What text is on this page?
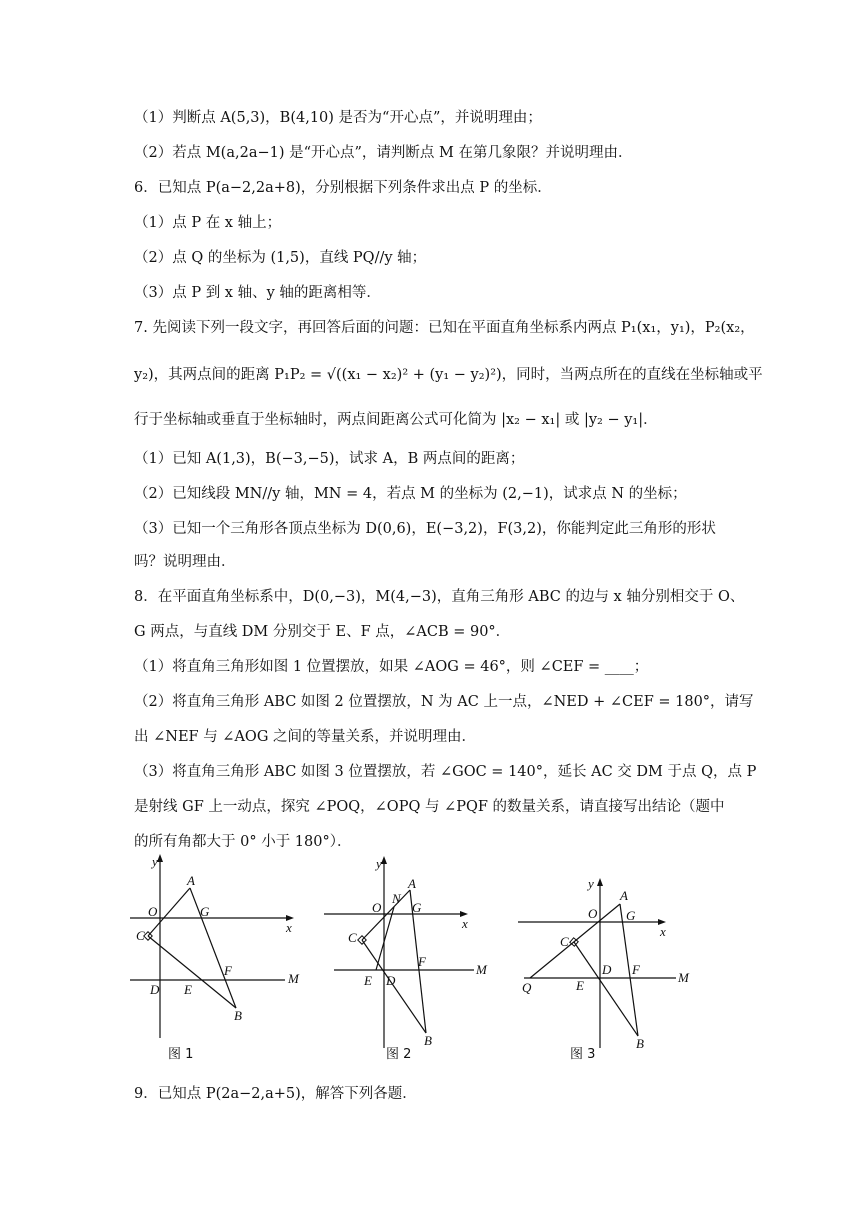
（1）判断点 A(5,3)，B(4,10) 是否为“开心点”，并说明理由；
（2）若点 M(a,2a−1) 是“开心点”，请判断点 M 在第几象限？并说明理由．
6．已知点 P(a−2,2a+8)，分别根据下列条件求出点 P 的坐标．
（1）点 P 在 x 轴上；
（2）点 Q 的坐标为 (1,5)，直线 PQ//y 轴；
（3）点 P 到 x 轴、y 轴的距离相等．
7. 先阅读下列一段文字，再回答后面的问题：已知在平面直角坐标系内两点 P₁(x₁，y₁)，P₂(x₂，
y₂)，其两点间的距离 P₁P₂ = √((x₁ − x₂)² + (y₁ − y₂)²)，同时，当两点所在的直线在坐标轴或平
行于坐标轴或垂直于坐标轴时，两点间距离公式可化简为 |x₂ − x₁| 或 |y₂ − y₁|．
（1）已知 A(1,3)，B(−3,−5)，试求 A，B 两点间的距离；
（2）已知线段 MN//y 轴，MN = 4，若点 M 的坐标为 (2,−1)，试求点 N 的坐标；
（3）已知一个三角形各顶点坐标为 D(0,6)，E(−3,2)，F(3,2)，你能判定此三角形的形状
吗？说明理由．
8．在平面直角坐标系中，D(0,−3)，M(4,−3)，直角三角形 ABC 的边与 x 轴分别相交于 O、
G 两点，与直线 DM 分别交于 E、F 点，∠ACB = 90°．
（1）将直角三角形如图 1 位置摆放，如果 ∠AOG = 46°，则 ∠CEF = ____；
（2）将直角三角形 ABC 如图 2 位置摆放，N 为 AC 上一点，∠NED + ∠CEF = 180°，请写
出 ∠NEF 与 ∠AOG 之间的等量关系，并说明理由．
（3）将直角三角形 ABC 如图 3 位置摆放，若 ∠GOC = 140°，延长 AC 交 DM 于点 Q，点 P
是射线 GF 上一动点，探究 ∠POQ，∠OPQ 与 ∠PQF 的数量关系，请直接写出结论（题中
的所有角都大于 0° 小于 180°）．
9．已知点 P(2a−2,a+5)，解答下列各题．
y
x
A
O	G
C
D E
F
M
B
图 1
y
x
A
N
O G
C
E D
F
M
B
图 2
y
x
A
O G
C
Q	E
D F
M
B
图 3
